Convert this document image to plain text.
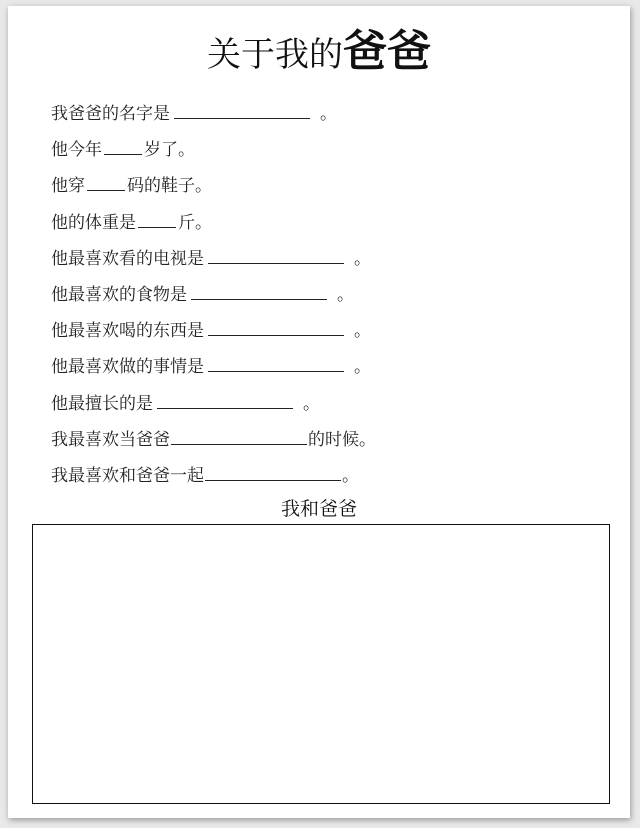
关于我的爸爸
我爸爸的名字是	。
他今年 岁了。
他穿 码的鞋子。
他的体重是 斤。
他最喜欢看的电视是	。
他最喜欢的食物是	。
他最喜欢喝的东西是	。
他最喜欢做的事情是	。
他最擅长的是	。
我最喜欢当爸爸	的时候。
我最喜欢和爸爸一起	。
我和爸爸
